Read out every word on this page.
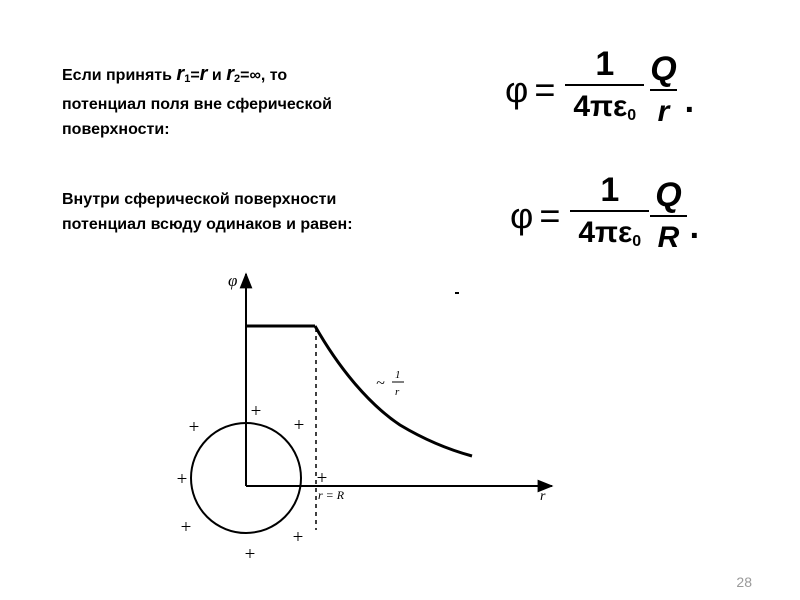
Если принять $r_1=r$ и $r_2=\infty$, то
потенциал поля вне сферической
поверхности:
Внутри сферической поверхности
потенциал всюду одинаков и равен:
$\varphi = \frac{1}{4\pi\varepsilon_0} \frac{Q}{r}$ .
$\varphi = \frac{1}{4\pi\varepsilon_0} \frac{Q}{R}$ .
φ
r
r = R
~ 1
r
+
+	+
+	+
+	+
+
28
